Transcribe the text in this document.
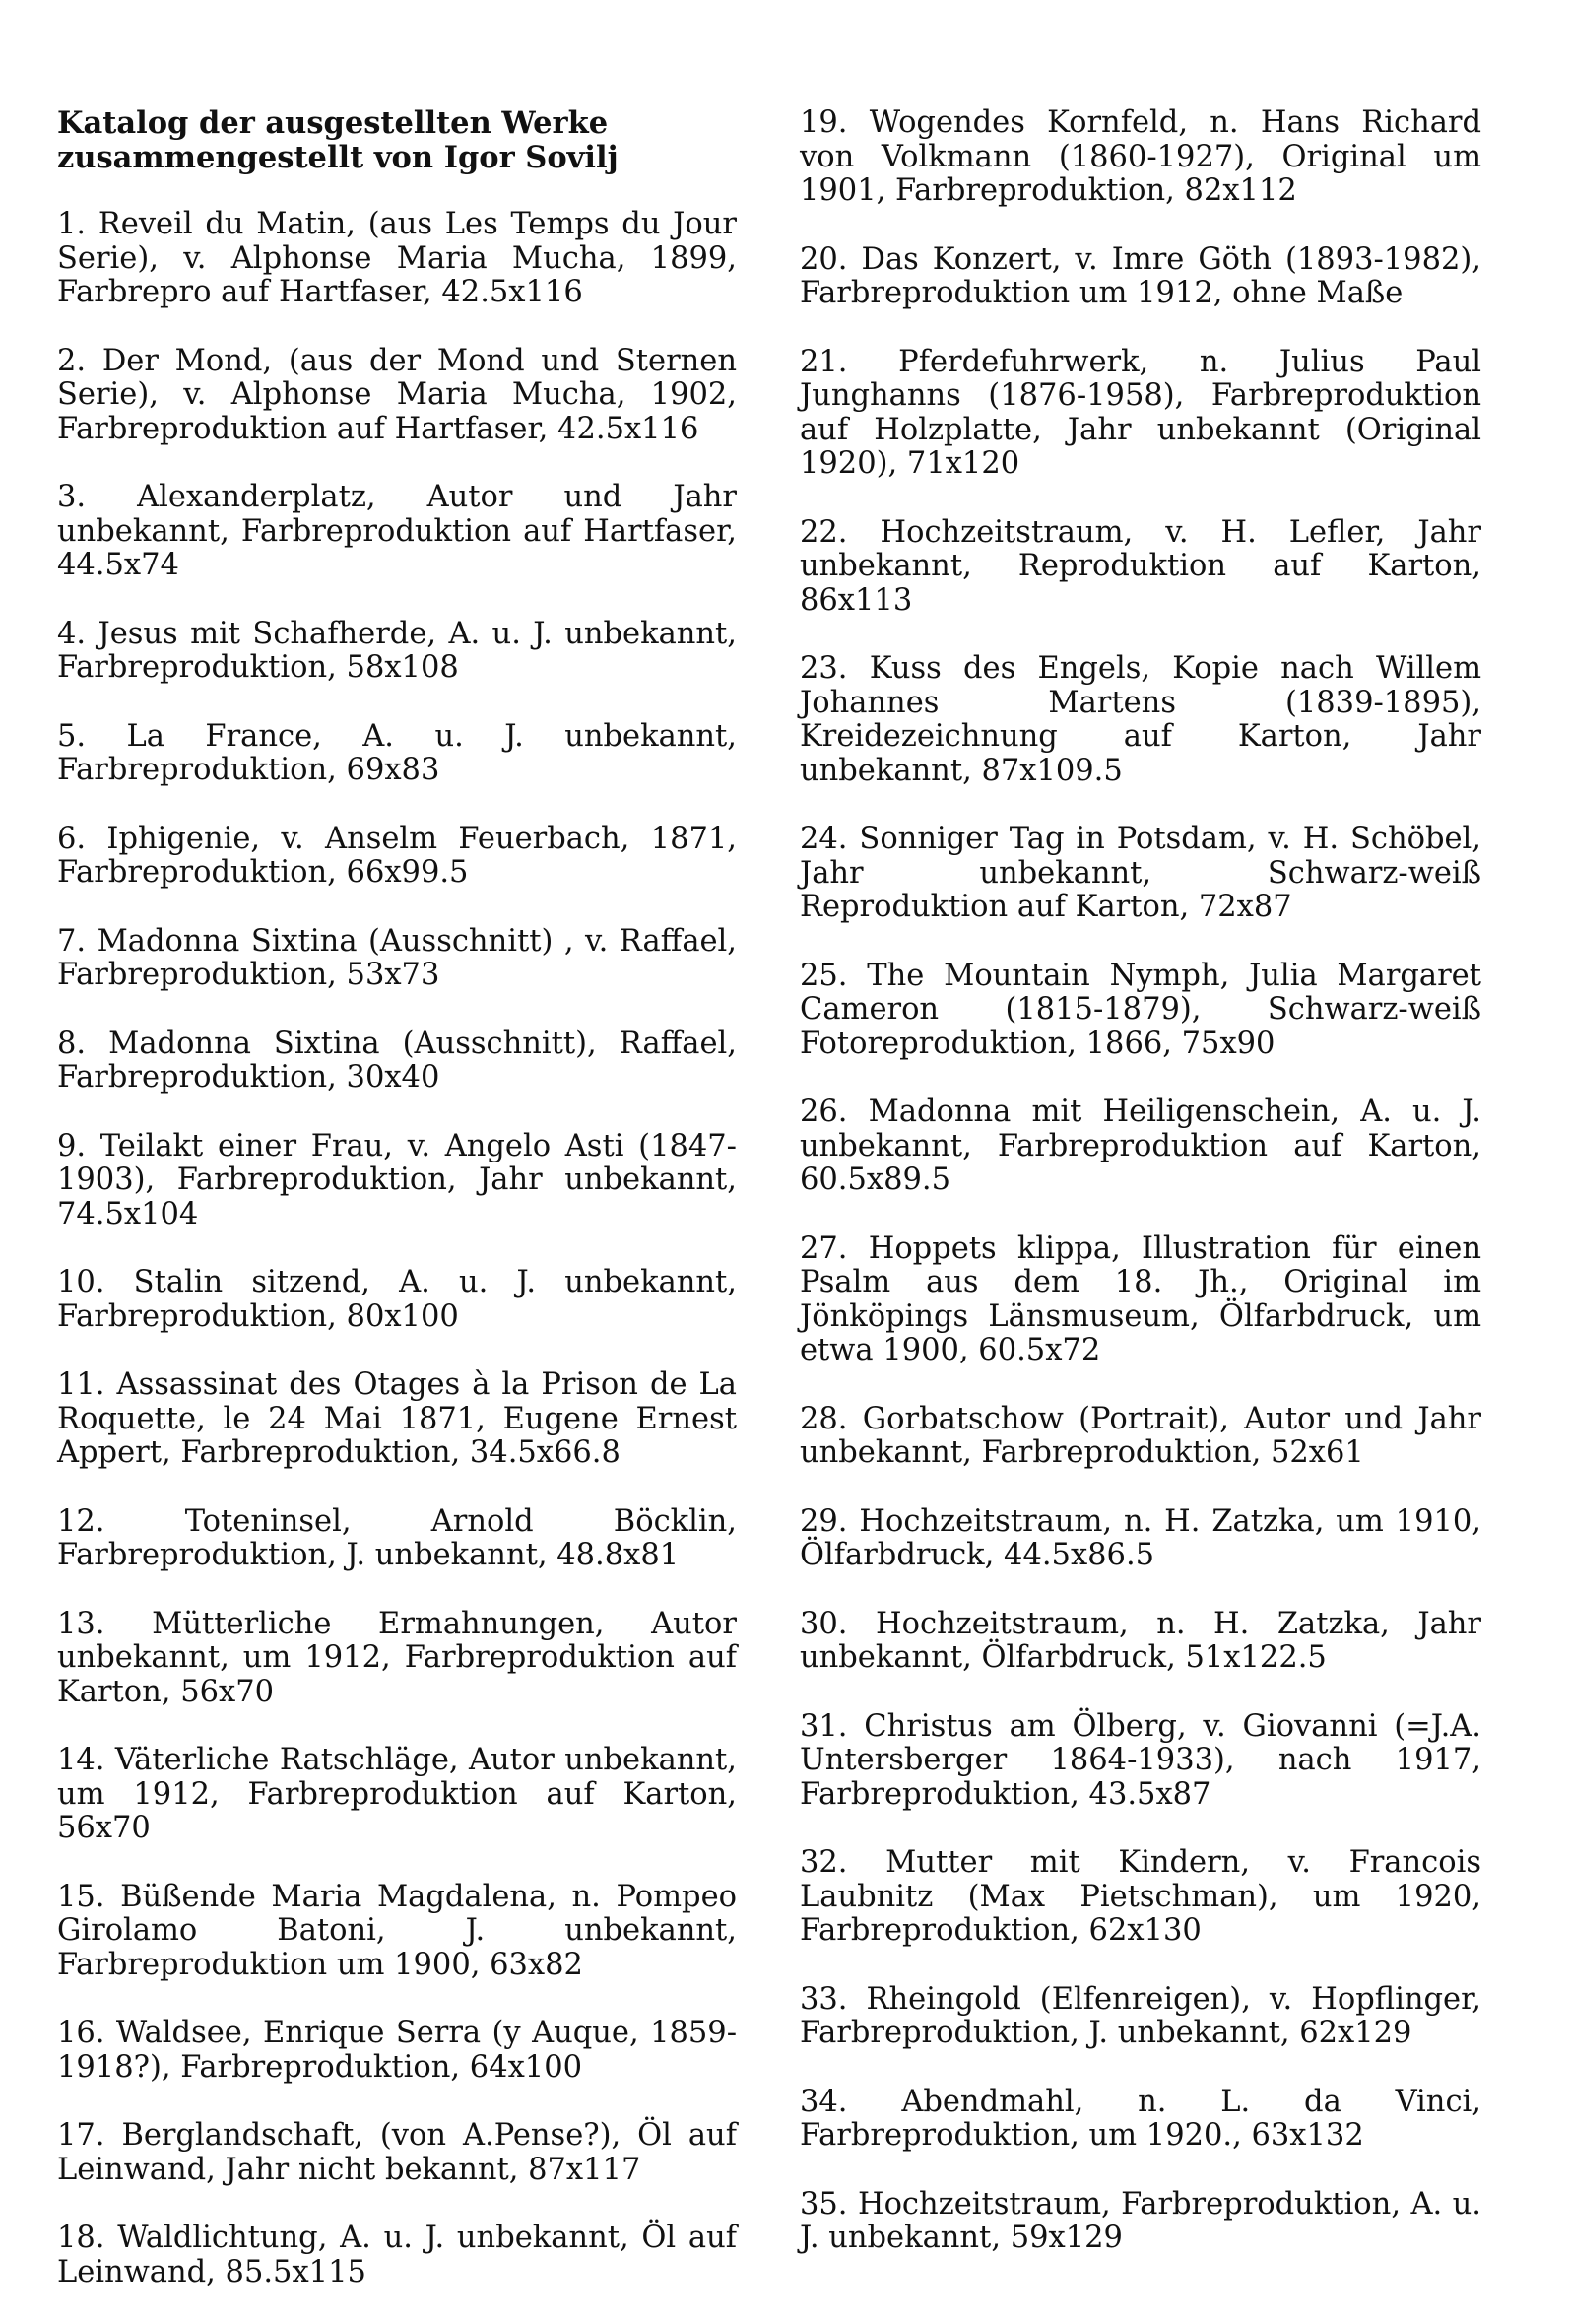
Katalog der ausgestellten Werke
zusammengestellt von Igor Sovilj

1. Reveil du Matin, (aus Les Temps du Jour Serie), v. Alphonse Maria Mucha, 1899, Farbrepro auf Hartfaser, 42.5x116

2. Der Mond, (aus der Mond und Sternen Serie), v. Alphonse Maria Mucha, 1902, Farbreproduktion auf Hartfaser, 42.5x116

3. Alexanderplatz, Autor und Jahr unbekannt, Farbreproduktion auf Hartfaser, 44.5x74

4. Jesus mit Schafherde, A. u. J. unbekannt, Farbreproduktion, 58x108

5. La France, A. u. J. unbekannt, Farbreproduktion, 69x83

6. Iphigenie, v. Anselm Feuerbach, 1871, Farbreproduktion, 66x99.5

7. Madonna Sixtina (Ausschnitt) , v. Raffael, Farbreproduktion, 53x73

8. Madonna Sixtina (Ausschnitt), Raffael, Farbreproduktion, 30x40

9. Teilakt einer Frau, v. Angelo Asti (1847-1903), Farbreproduktion, Jahr unbekannt, 74.5x104

10. Stalin sitzend, A. u. J. unbekannt, Farbreproduktion, 80x100

11. Assassinat des Otages à la Prison de La Roquette, le 24 Mai 1871, Eugene Ernest Appert, Farbreproduktion, 34.5x66.8

12. Toteninsel, Arnold Böcklin, Farbreproduktion, J. unbekannt, 48.8x81

13. Mütterliche Ermahnungen, Autor unbekannt, um 1912, Farbreproduktion auf Karton, 56x70

14. Väterliche Ratschläge, Autor unbekannt, um 1912, Farbreproduktion auf Karton, 56x70

15. Büßende Maria Magdalena, n. Pompeo Girolamo Batoni, J. unbekannt, Farbreproduktion um 1900, 63x82

16. Waldsee, Enrique Serra (y Auque, 1859-1918?), Farbreproduktion, 64x100

17. Berglandschaft, (von A.Pense?), Öl auf Leinwand, Jahr nicht bekannt, 87x117

18. Waldlichtung, A. u. J. unbekannt, Öl auf Leinwand, 85.5x115

19. Wogendes Kornfeld, n. Hans Richard von Volkmann (1860-1927), Original um 1901, Farbreproduktion, 82x112

20. Das Konzert, v. Imre Göth (1893-1982), Farbreproduktion um 1912, ohne Maße

21. Pferdefuhrwerk, n. Julius Paul Junghanns (1876-1958), Farbreproduktion auf Holzplatte, Jahr unbekannt (Original 1920), 71x120

22. Hochzeitstraum, v. H. Lefler, Jahr unbekannt, Reproduktion auf Karton, 86x113

23. Kuss des Engels, Kopie nach Willem Johannes Martens (1839-1895), Kreidezeichnung auf Karton, Jahr unbekannt, 87x109.5

24. Sonniger Tag in Potsdam, v. H. Schöbel, Jahr unbekannt, Schwarz-weiß Reproduktion auf Karton, 72x87

25. The Mountain Nymph, Julia Margaret Cameron (1815-1879), Schwarz-weiß Fotoreproduktion, 1866, 75x90

26. Madonna mit Heiligenschein, A. u. J. unbekannt, Farbreproduktion auf Karton, 60.5x89.5

27. Hoppets klippa, Illustration für einen Psalm aus dem 18. Jh., Original im Jönköpings Länsmuseum, Ölfarbdruck, um etwa 1900, 60.5x72

28. Gorbatschow (Portrait), Autor und Jahr unbekannt, Farbreproduktion, 52x61

29. Hochzeitstraum, n. H. Zatzka, um 1910, Ölfarbdruck, 44.5x86.5

30. Hochzeitstraum, n. H. Zatzka, Jahr unbekannt, Ölfarbdruck, 51x122.5

31. Christus am Ölberg, v. Giovanni (=J.A. Untersberger 1864-1933), nach 1917, Farbreproduktion, 43.5x87

32. Mutter mit Kindern, v. Francois Laubnitz (Max Pietschman), um 1920, Farbreproduktion, 62x130

33. Rheingold (Elfenreigen), v. Hopflinger, Farbreproduktion, J. unbekannt, 62x129

34. Abendmahl, n. L. da Vinci, Farbreproduktion, um 1920., 63x132

35. Hochzeitstraum, Farbreproduktion, A. u. J. unbekannt, 59x129
